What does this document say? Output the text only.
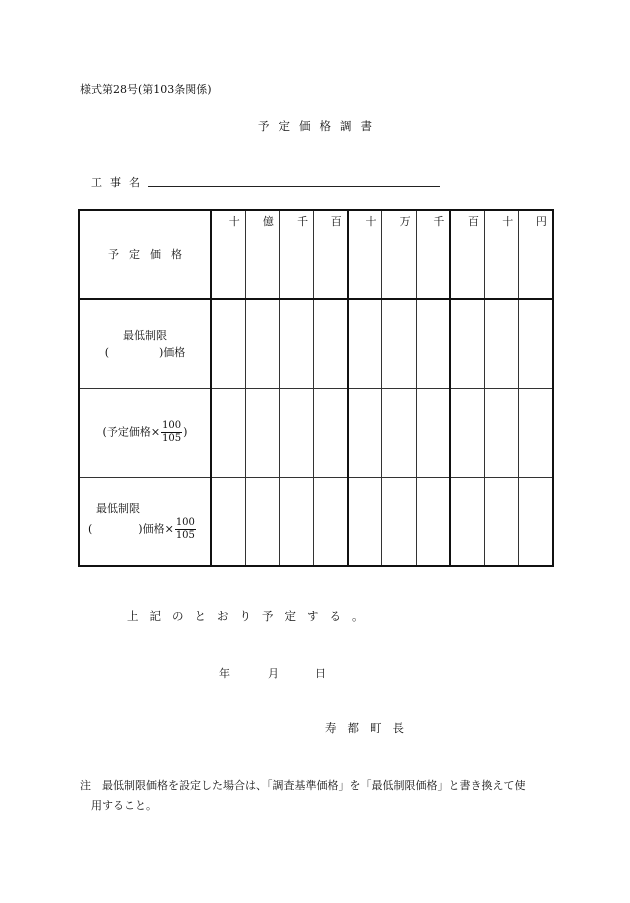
様式第28号(第103条関係)
予定価格調書
工事名
予定価格	十	億	千	百	十	万	千	百	十	円

最低制限
( )価格										

(予定価格× $\frac{100}{105}$ )										

最低制限
( )価格× $\frac{100}{105}$

上記のとおり予定する。
年	月	日
寿都町長
注 最低制限価格を設定した場合は、「調査基準価格」を「最低制限価格」と書き換えて使
用すること。
